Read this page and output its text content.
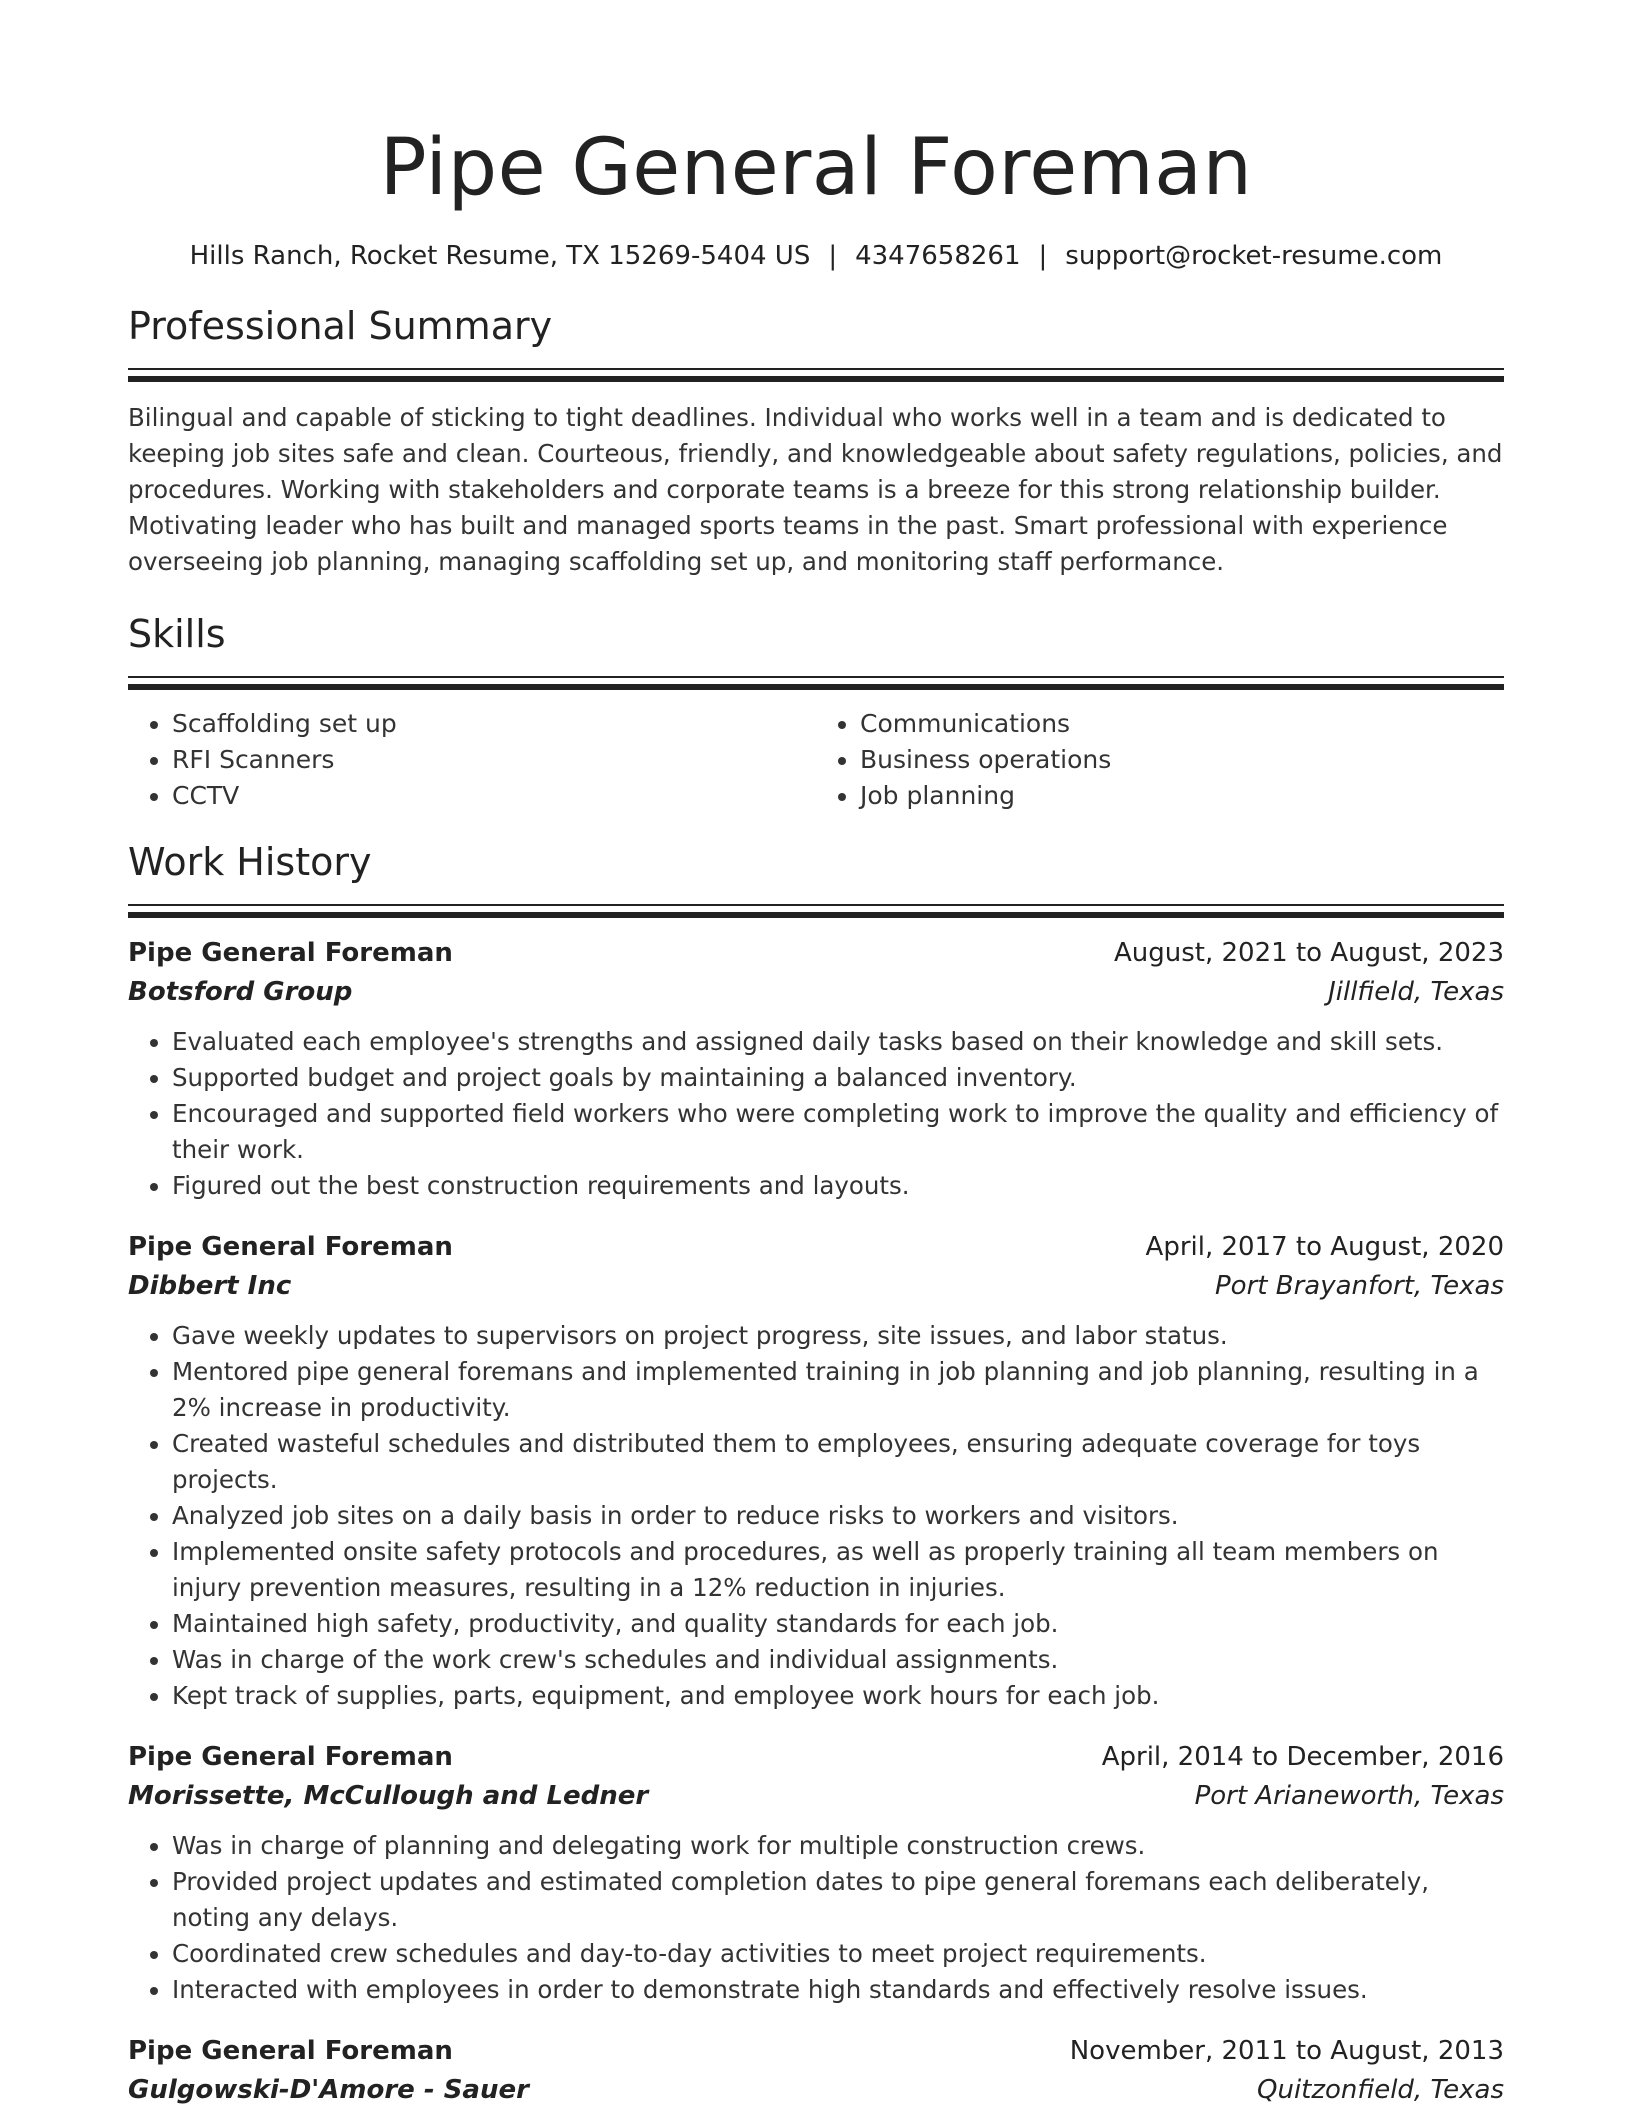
Pipe General Foreman
Hills Ranch, Rocket Resume, TX 15269-5404 US | 4347658261 | support@rocket-resume.com
Professional Summary
Bilingual and capable of sticking to tight deadlines. Individual who works well in a team and is dedicated to keeping job sites safe and clean. Courteous, friendly, and knowledgeable about safety regulations, policies, and procedures. Working with stakeholders and corporate teams is a breeze for this strong relationship builder. Motivating leader who has built and managed sports teams in the past. Smart professional with experience overseeing job planning, managing scaffolding set up, and monitoring staff performance.
Skills
• Scaffolding set up
• RFI Scanners
• CCTV
• Communications
• Business operations
• Job planning
Work History
Pipe General Foreman	August, 2021 to August, 2023
Botsford Group	Jillfield, Texas
• Evaluated each employee's strengths and assigned daily tasks based on their knowledge and skill sets.
• Supported budget and project goals by maintaining a balanced inventory.
• Encouraged and supported field workers who were completing work to improve the quality and efficiency of their work.
• Figured out the best construction requirements and layouts.
Pipe General Foreman	April, 2017 to August, 2020
Dibbert Inc	Port Brayanfort, Texas
• Gave weekly updates to supervisors on project progress, site issues, and labor status.
• Mentored pipe general foremans and implemented training in job planning and job planning, resulting in a 2% increase in productivity.
• Created wasteful schedules and distributed them to employees, ensuring adequate coverage for toys projects.
• Analyzed job sites on a daily basis in order to reduce risks to workers and visitors.
• Implemented onsite safety protocols and procedures, as well as properly training all team members on injury prevention measures, resulting in a 12% reduction in injuries.
• Maintained high safety, productivity, and quality standards for each job.
• Was in charge of the work crew's schedules and individual assignments.
• Kept track of supplies, parts, equipment, and employee work hours for each job.
Pipe General Foreman	April, 2014 to December, 2016
Morissette, McCullough and Ledner	Port Arianeworth, Texas
• Was in charge of planning and delegating work for multiple construction crews.
• Provided project updates and estimated completion dates to pipe general foremans each deliberately, noting any delays.
• Coordinated crew schedules and day-to-day activities to meet project requirements.
• Interacted with employees in order to demonstrate high standards and effectively resolve issues.
Pipe General Foreman	November, 2011 to August, 2013
Gulgowski-D'Amore - Sauer	Quitzonfield, Texas
